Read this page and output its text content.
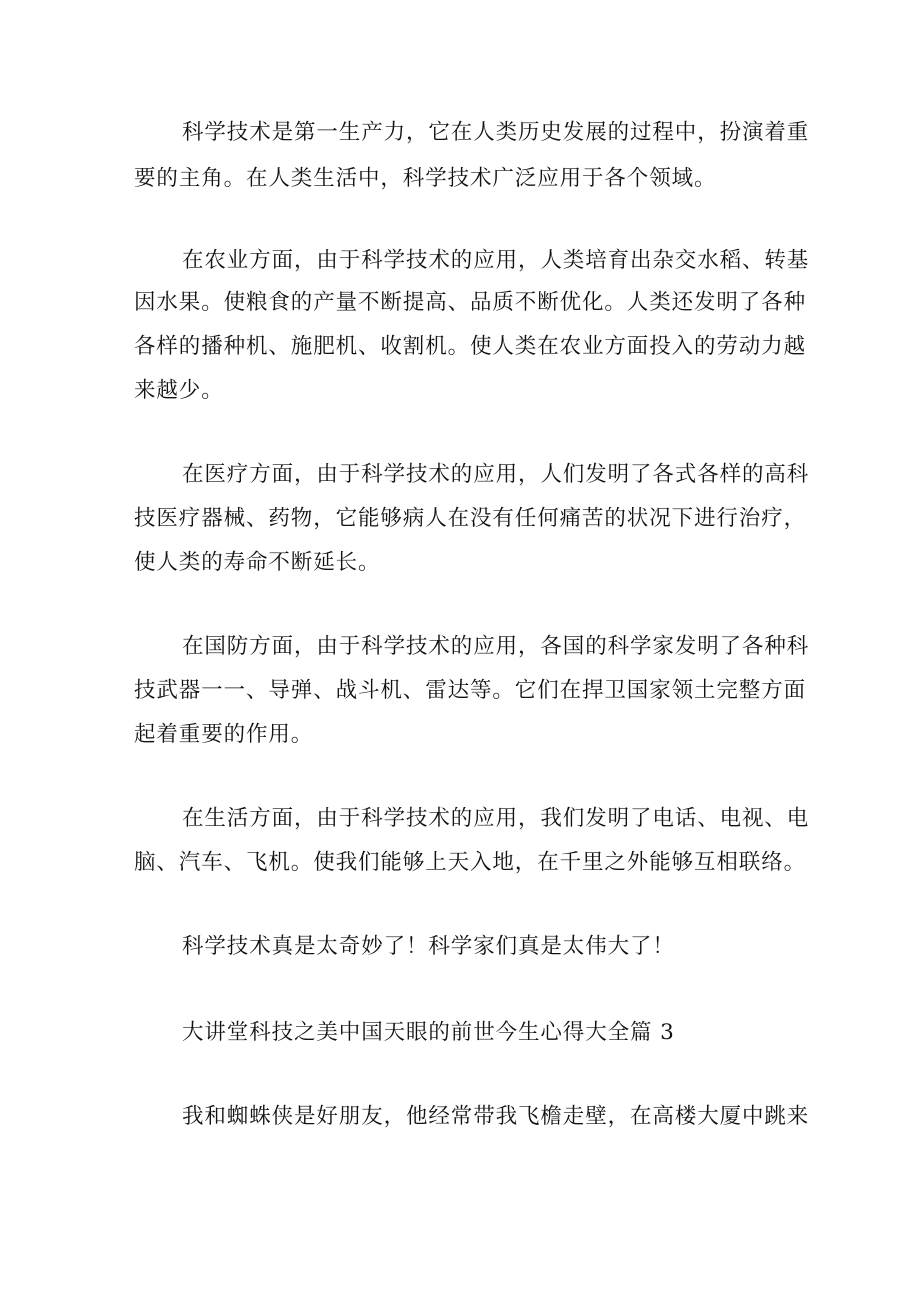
科学技术是第一生产力，它在人类历史发展的过程中，扮演着重
要的主角。在人类生活中，科学技术广泛应用于各个领域。
在农业方面，由于科学技术的应用，人类培育出杂交水稻、转基
因水果。使粮食的产量不断提高、品质不断优化。人类还发明了各种
各样的播种机、施肥机、收割机。使人类在农业方面投入的劳动力越
来越少。
在医疗方面，由于科学技术的应用，人们发明了各式各样的高科
技医疗器械、药物，它能够病人在没有任何痛苦的状况下进行治疗，
使人类的寿命不断延长。
在国防方面，由于科学技术的应用，各国的科学家发明了各种科
技武器一一、导弹、战斗机、雷达等。它们在捍卫国家领土完整方面
起着重要的作用。
在生活方面，由于科学技术的应用，我们发明了电话、电视、电
脑、汽车、飞机。使我们能够上天入地，在千里之外能够互相联络。
科学技术真是太奇妙了！科学家们真是太伟大了！
大讲堂科技之美中国天眼的前世今生心得大全篇 3
我和蜘蛛侠是好朋友，他经常带我飞檐走壁，在高楼大厦中跳来
